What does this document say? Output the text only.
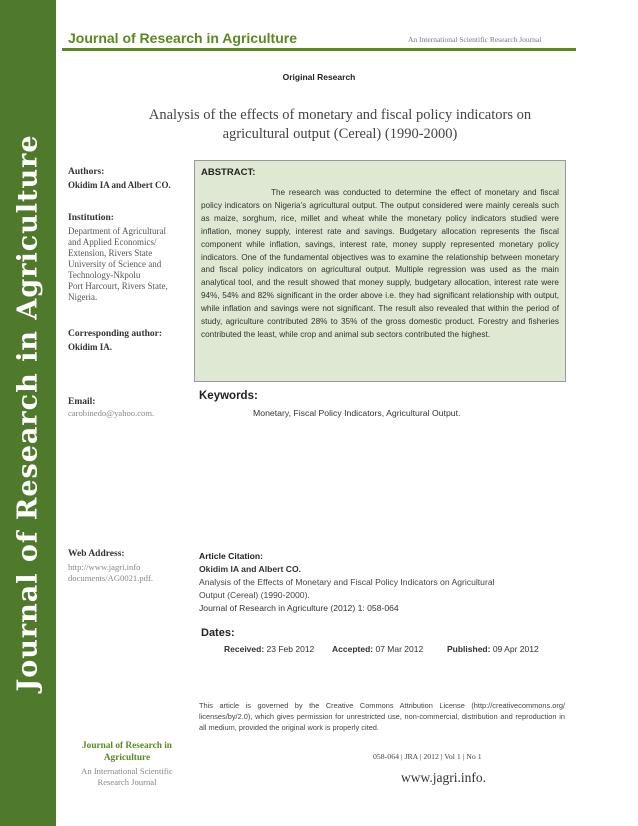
Journal of Research in Agriculture
Journal of Research in Agriculture	An International Scientific Research Journal
Original Research
Analysis of the effects of monetary and fiscal policy indicators on
agricultural output (Cereal) (1990-2000)
Authors:
Okidim IA and Albert CO.
Institution:
Department of Agricultural
and Applied Economics/
Extension, Rivers State
University of Science and
Technology-Nkpolu
Port Harcourt, Rivers State,
Nigeria.
Corresponding author:
Okidim IA.
Email:
carobinedo@yahoo.com.
Web Address:
http://www.jagri.info
documents/AG0021.pdf.
ABSTRACT:
The research was conducted to determine the effect of monetary and fiscal policy indicators on Nigeria’s agricultural output. The output considered were mainly cereals such as maize, sorghum, rice, millet and wheat while the monetary policy indicators studied were inflation, money supply, interest rate and savings. Budgetary allocation represents the fiscal component while inflation, savings, interest rate, money supply represented monetary policy indicators. One of the fundamental objectives was to examine the relationship between monetary and fiscal policy indicators on agricultural output. Multiple regression was used as the main analytical tool, and the result showed that money supply, budgetary allocation, interest rate were 94%, 54% and 82% significant in the order above i.e. they had significant relationship with output, while inflation and savings were not significant. The result also revealed that within the period of study, agriculture contributed 28% to 35% of the gross domestic product. Forestry and fisheries contributed the least, while crop and animal sub sectors contributed the highest.
Keywords:
Monetary, Fiscal Policy Indicators, Agricultural Output.
Article Citation:
Okidim IA and Albert CO.
Analysis of the Effects of Monetary and Fiscal Policy Indicators on Agricultural
Output (Cereal) (1990-2000).
Journal of Research in Agriculture (2012) 1: 058-064
Dates:
Received: 23 Feb 2012 Accepted: 07 Mar 2012	Published: 09 Apr 2012
This article is governed by the Creative Commons Attribution License (http://creativecommons.org/ licenses/by/2.0), which gives permission for unrestricted use, non-commercial, distribution and reproduction in all medium, provided the original work is properly cited.
Journal of Research in
Agriculture
An International Scientific
Research Journal
058-064 | JRA | 2012 | Vol 1 | No 1
www.jagri.info.
